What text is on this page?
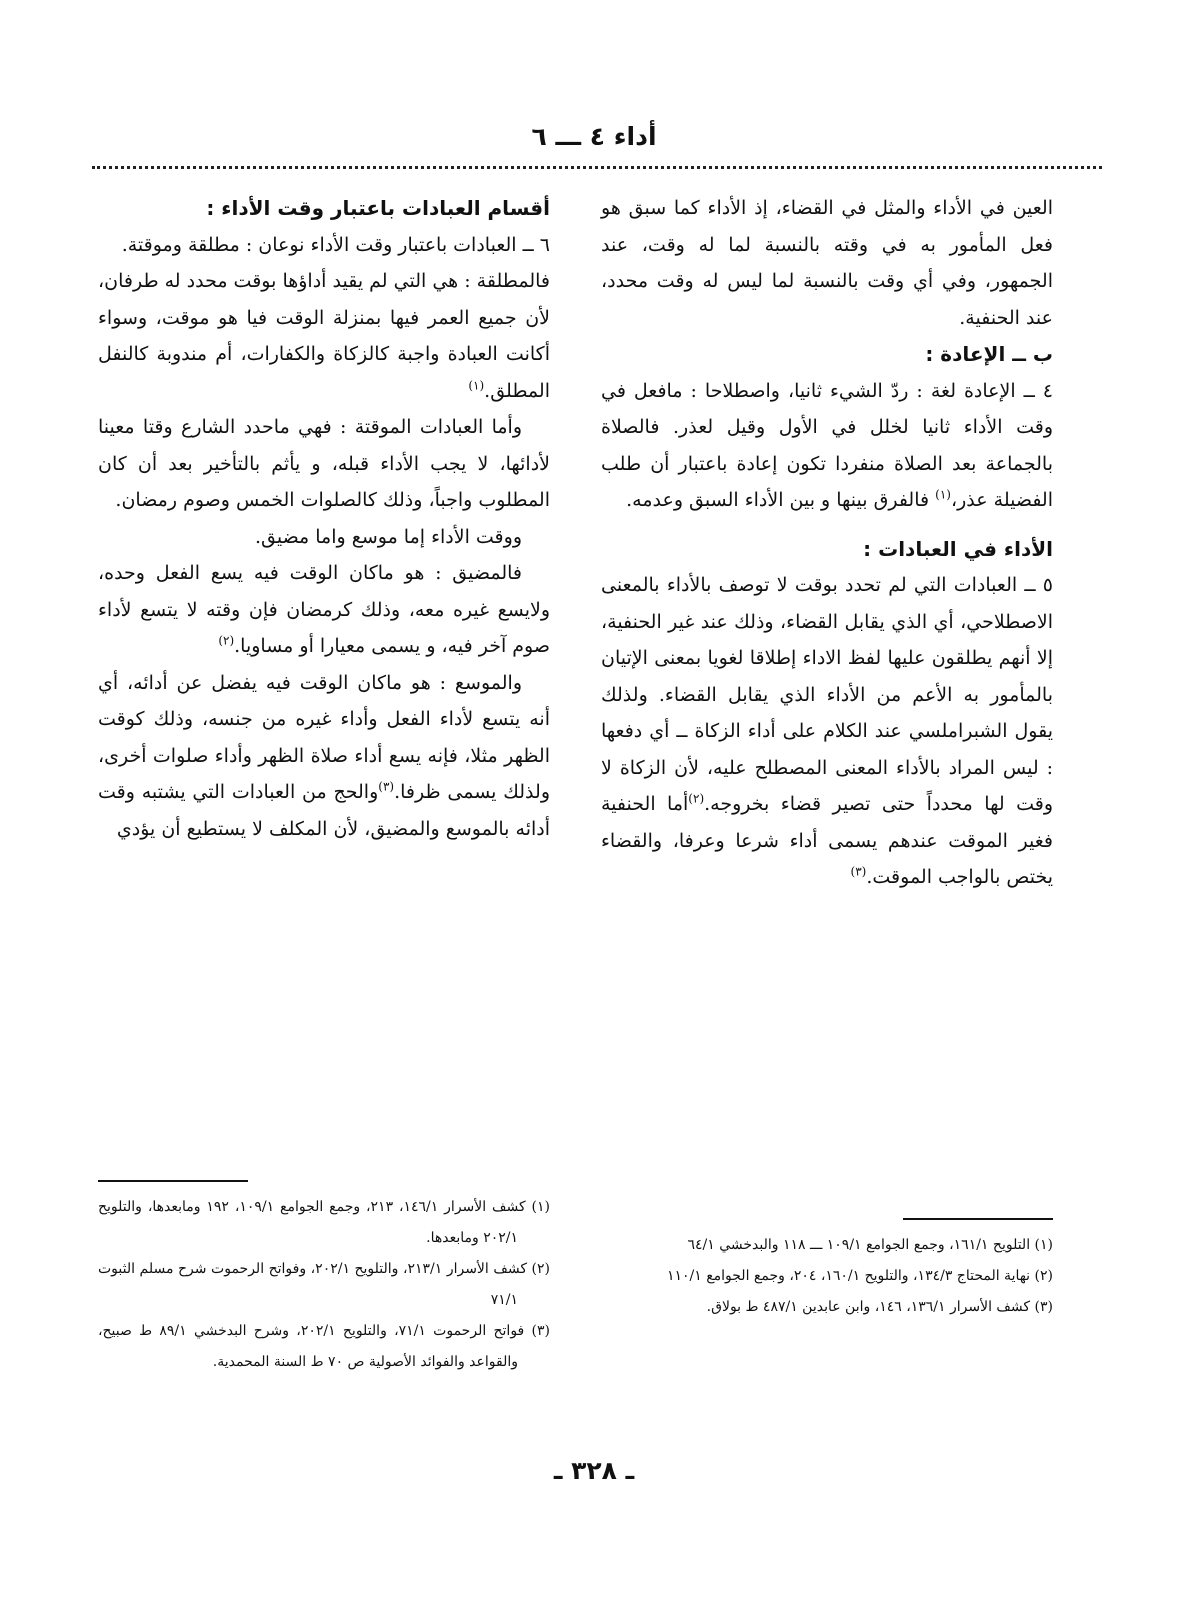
أداء ٤ ـــ ٦

العين في الأداء والمثل في القضاء، إذ الأداء كما سبق هو فعل المأمور به في وقته بالنسبة لما له وقت، عند الجمهور، وفي أي وقت بالنسبة لما ليس له وقت محدد، عند الحنفية.

ب ــ الإعادة :

٤ ــ الإعادة لغة : ردّ الشيء ثانيا، واصطلاحا : مافعل في وقت الأداء ثانيا لخلل في الأول وقيل لعذر. فالصلاة بالجماعة بعد الصلاة منفردا تكون إعادة باعتبار أن طلب الفضيلة عذر،$^{(١)}$ فالفرق بينها و بين الأداء السبق وعدمه.

الأداء في العبادات :

٥ ــ العبادات التي لم تحدد بوقت لا توصف بالأداء بالمعنى الاصطلاحي، أي الذي يقابل القضاء، وذلك عند غير الحنفية، إلا أنهم يطلقون عليها لفظ الاداء إطلاقا لغويا بمعنى الإتيان بالمأمور به الأعم من الأداء الذي يقابل القضاء. ولذلك يقول الشبراملسي عند الكلام على أداء الزكاة ــ أي دفعها : ليس المراد بالأداء المعنى المصطلح عليه، لأن الزكاة لا وقت لها محدداً حتى تصير قضاء بخروجه.$^{(٢)}$أما الحنفية فغير الموقت عندهم يسمى أداء شرعا وعرفا، والقضاء يختص بالواجب الموقت.$^{(٣)}$

أقسام العبادات باعتبار وقت الأداء :

٦ ــ العبادات باعتبار وقت الأداء نوعان : مطلقة وموقتة.

فالمطلقة : هي التي لم يقيد أداؤها بوقت محدد له طرفان، لأن جميع العمر فيها بمنزلة الوقت فيا هو موقت، وسواء أكانت العبادة واجبة كالزكاة والكفارات، أم مندوبة كالنفل المطلق.$^{(١)}$

وأما العبادات الموقتة : فهي ماحدد الشارع وقتا معينا لأدائها، لا يجب الأداء قبله، و يأثم بالتأخير بعد أن كان المطلوب واجباً، وذلك كالصلوات الخمس وصوم رمضان.

ووقت الأداء إما موسع واما مضيق.

فالمضيق : هو ماكان الوقت فيه يسع الفعل وحده، ولايسع غيره معه، وذلك كرمضان فإن وقته لا يتسع لأداء صوم آخر فيه، و يسمى معيارا أو مساويا.$^{(٢)}$

والموسع : هو ماكان الوقت فيه يفضل عن أدائه، أي أنه يتسع لأداء الفعل وأداء غيره من جنسه، وذلك كوقت الظهر مثلا، فإنه يسع أداء صلاة الظهر وأداء صلوات أخرى، ولذلك يسمى ظرفا.$^{(٣)}$والحج من العبادات التي يشتبه وقت أدائه بالموسع والمضيق، لأن المكلف لا يستطيع أن يؤدي

(١) كشف الأسرار ١٤٦/١، ٢١٣، وجمع الجوامع ١٠٩/١، ١٩٢ ومابعدها، والتلويح ٢٠٢/١ ومابعدها.

(٢) كشف الأسرار ٢١٣/١، والتلويح ٢٠٢/١، وفواتح الرحموت شرح مسلم الثبوت ٧١/١

(٣) فواتح الرحموت ٧١/١، والتلويح ٢٠٢/١، وشرح البدخشي ٨٩/١ ط صبيح، والقواعد والفوائد الأصولية ص ٧٠ ط السنة المحمدية.

(١) التلويح ١٦١/١، وجمع الجوامع ١٠٩/١ ـــ ١١٨ والبدخشي ٦٤/١

(٢) نهاية المحتاج ١٣٤/٣، والتلويح ١٦٠/١، ٢٠٤، وجمع الجوامع ١١٠/١

(٣) كشف الأسرار ١٣٦/١، ١٤٦، وابن عابدين ٤٨٧/١ ط بولاق.

ـ ٣٢٨ ـ
